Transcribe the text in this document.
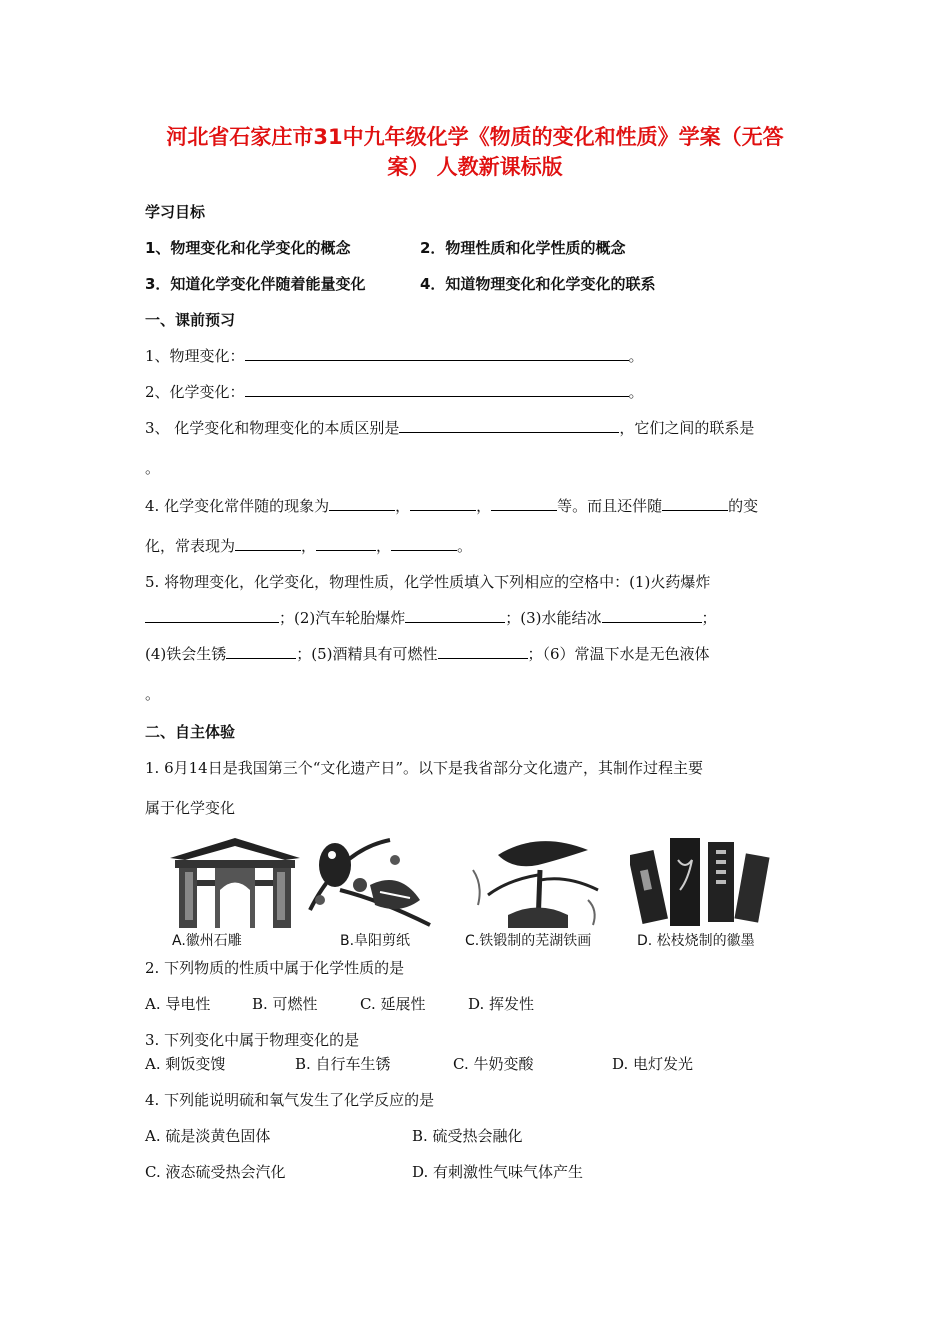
河北省石家庄市31中九年级化学《物质的变化和性质》学案（无答
案） 人教新课标版
学习目标
1、物理变化和化学变化的概念	2．物理性质和化学性质的概念
3．知道化学变化伴随着能量变化	4．知道物理变化和化学变化的联系
一、课前预习
1、物理变化：	。
2、化学变化：	。
3、 化学变化和物理变化的本质区别是	，它们之间的联系是
。
4. 化学变化常伴随的现象为	，	，	等。而且还伴随	的变
化，常表现为	，	，	。
5. 将物理变化，化学变化，物理性质，化学性质填入下列相应的空格中：(1)火药爆炸
；(2)汽车轮胎爆炸	；(3)水能结冰	；
(4)铁会生锈	；(5)酒精具有可燃性	；（6）常温下水是无色液体
。
二、自主体验
1. 6月14日是我国第三个“文化遗产日”。以下是我省部分文化遗产，其制作过程主要
属于化学变化
A.徽州石雕	B.阜阳剪纸	C.铁锻制的芜湖铁画	D. 松枝烧制的徽墨
2. 下列物质的性质中属于化学性质的是
A. 导电性	B. 可燃性	C. 延展性	D. 挥发性
3. 下列变化中属于物理变化的是
A. 剩饭变馊	B. 自行车生锈	C. 牛奶变酸	D. 电灯发光
4. 下列能说明硫和氧气发生了化学反应的是
A. 硫是淡黄色固体	B. 硫受热会融化
C. 液态硫受热会汽化	D. 有刺激性气味气体产生
